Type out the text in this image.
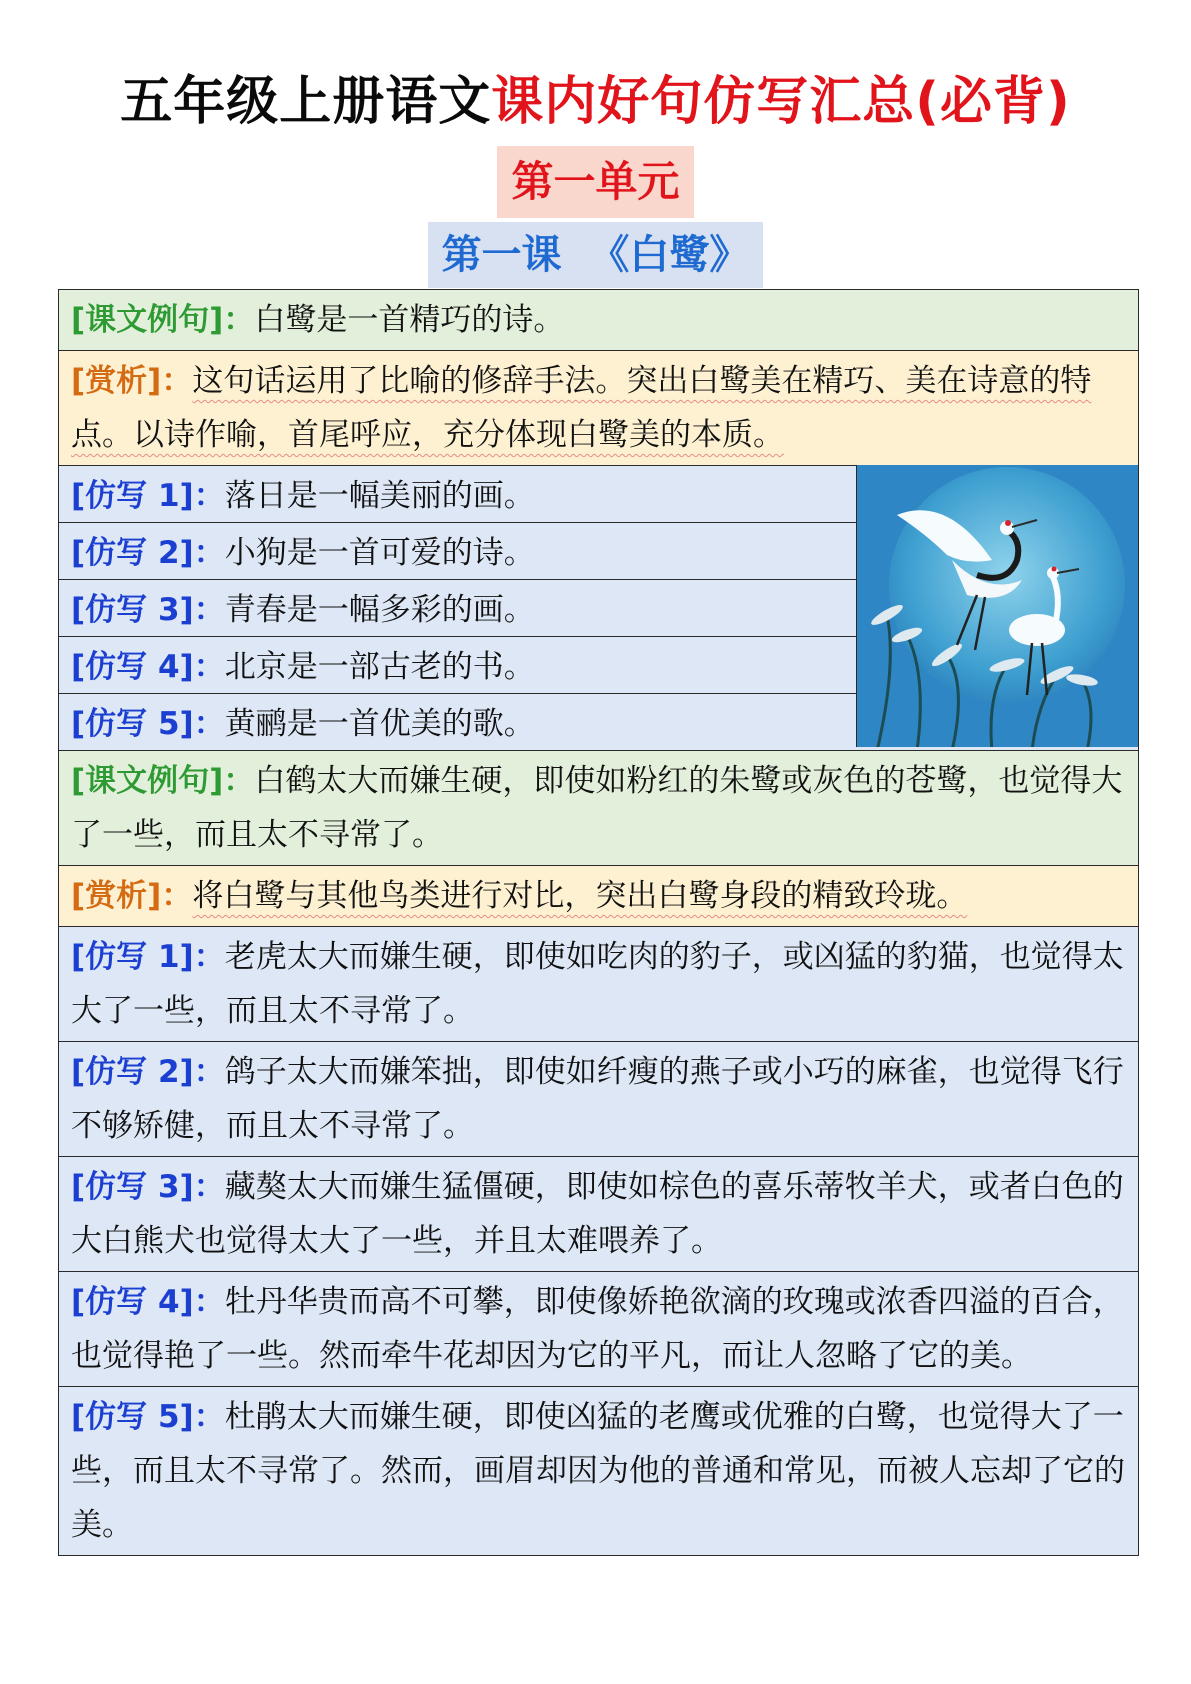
五年级上册语文课内好句仿写汇总(必背)
第一单元
第一课  《白鹭》
[课文例句]：白鹭是一首精巧的诗。
[赏析]：这句话运用了比喻的修辞手法。突出白鹭美在精巧、美在诗意的特点。以诗作喻，首尾呼应，充分体现白鹭美的本质。
[仿写 1]：落日是一幅美丽的画。
[仿写 2]：小狗是一首可爱的诗。
[仿写 3]：青春是一幅多彩的画。
[仿写 4]：北京是一部古老的书。
[仿写 5]：黄鹂是一首优美的歌。
[课文例句]：白鹤太大而嫌生硬，即使如粉红的朱鹭或灰色的苍鹭，也觉得大了一些，而且太不寻常了。
[赏析]：将白鹭与其他鸟类进行对比，突出白鹭身段的精致玲珑。
[仿写 1]：老虎太大而嫌生硬，即使如吃肉的豹子，或凶猛的豹猫，也觉得太大了一些，而且太不寻常了。
[仿写 2]：鸽子太大而嫌笨拙，即使如纤瘦的燕子或小巧的麻雀，也觉得飞行不够矫健，而且太不寻常了。
[仿写 3]：藏獒太大而嫌生猛僵硬，即使如棕色的喜乐蒂牧羊犬，或者白色的大白熊犬也觉得太大了一些，并且太难喂养了。
[仿写 4]：牡丹华贵而高不可攀，即使像娇艳欲滴的玫瑰或浓香四溢的百合，也觉得艳了一些。然而牵牛花却因为它的平凡，而让人忽略了它的美。
[仿写 5]：杜鹃太大而嫌生硬，即使凶猛的老鹰或优雅的白鹭，也觉得大了一些，而且太不寻常了。然而，画眉却因为他的普通和常见，而被人忘却了它的美。
